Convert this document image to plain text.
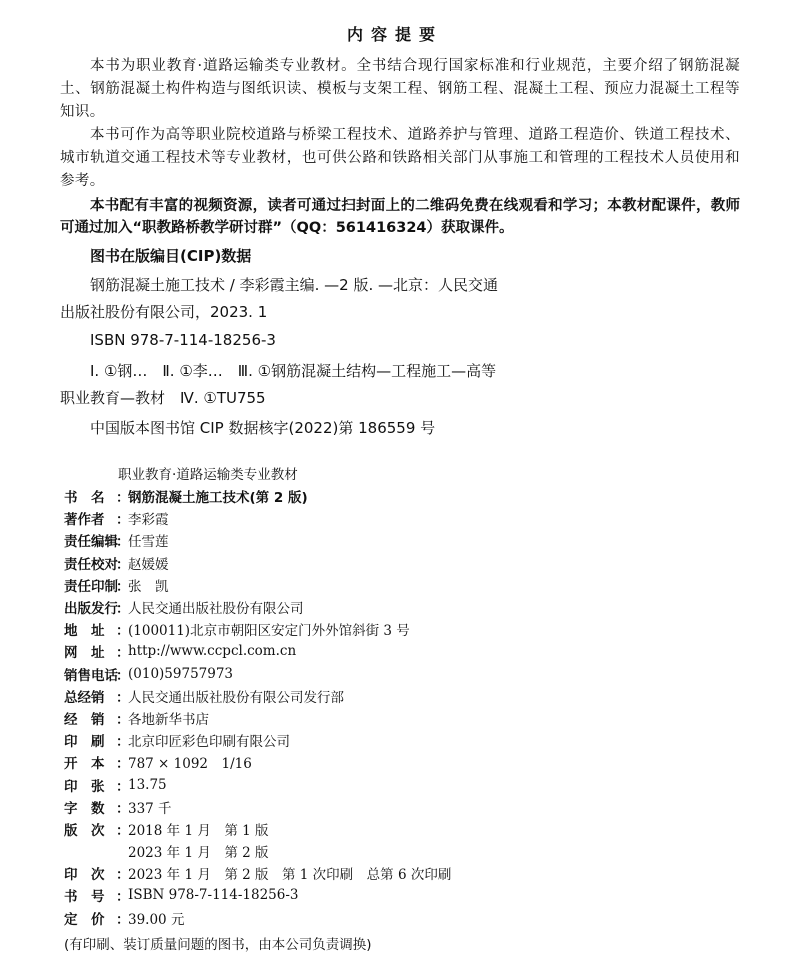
内容提要

本书为职业教育·道路运输类专业教材。全书结合现行国家标准和行业规范，主要介绍了钢筋混凝土、钢筋混凝土构件构造与图纸识读、模板与支架工程、钢筋工程、混凝土工程、预应力混凝土工程等知识。

本书可作为高等职业院校道路与桥梁工程技术、道路养护与管理、道路工程造价、铁道工程技术、城市轨道交通工程技术等专业教材，也可供公路和铁路相关部门从事施工和管理的工程技术人员使用和参考。

本书配有丰富的视频资源，读者可通过扫封面上的二维码免费在线观看和学习；本教材配课件，教师可通过加入“职教路桥教学研讨群”（QQ：561416324）获取课件。

图书在版编目(CIP)数据
钢筋混凝土施工技术 / 李彩霞主编. —2 版. —北京：人民交通出版社股份有限公司，2023. 1
ISBN 978-7-114-18256-3
Ⅰ. ①钢…　Ⅱ. ①李…　Ⅲ. ①钢筋混凝土结构—工程施工—高等职业教育—教材　Ⅳ. ①TU755
中国版本图书馆 CIP 数据核字(2022)第 186559 号
职业教育·道路运输类专业教材
书　名 ：
钢筋混凝土施工技术(第 2 版)
著作者 ：
李彩霞
责任编辑
：
任雪莲
责任校对
：
赵媛媛
责任印制
：
张　凯
出版发行
：
人民交通出版社股份有限公司
地　址 ：
(100011)北京市朝阳区安定门外外馆斜街 3 号
网　址 ：
http://www.ccpcl.com.cn
销售电话
：
(010)59757973
总经销 ：
人民交通出版社股份有限公司发行部
经　销 ：
各地新华书店
印　刷 ：
北京印匠彩色印刷有限公司
开　本 ：
787 × 1092　1/16
印　张 ：
13.75
字　数 ：
337 千
版　次 ：
2018 年 1 月　第 1 版
2023 年 1 月　第 2 版
印　次 ：
2023 年 1 月　第 2 版　第 1 次印刷　总第 6 次印刷
书　号 ：
ISBN 978-7-114-18256-3
定　价 ：
39.00 元
(有印刷、装订质量问题的图书，由本公司负责调换)
